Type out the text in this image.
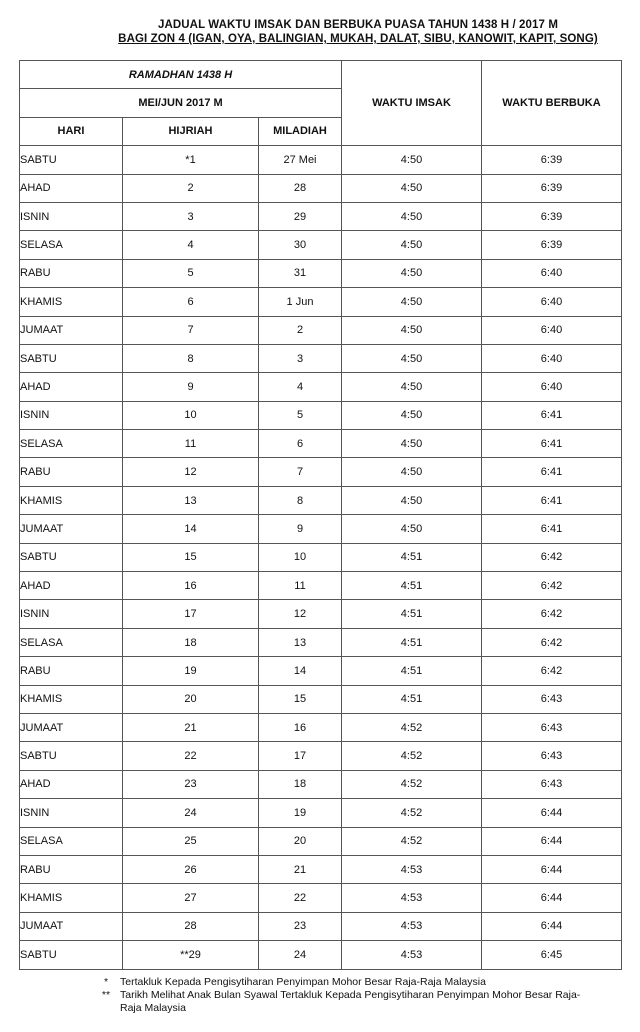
JADUAL WAKTU IMSAK DAN BERBUKA PUASA TAHUN 1438 H / 2017 M
BAGI ZON 4 (IGAN, OYA, BALINGIAN, MUKAH, DALAT, SIBU, KANOWIT, KAPIT, SONG)
RAMADHAN 1438 H			WAKTU IMSAK	WAKTU BERBUKA
MEI/JUN 2017 M				
HARI	HIJRIAH	MILADIAH		
SABTU	*1	27 Mei	4:50	6:39
AHAD	2	28	4:50	6:39
ISNIN	3	29	4:50	6:39
SELASA	4	30	4:50	6:39
RABU	5	31	4:50	6:40
KHAMIS	6	1 Jun	4:50	6:40
JUMAAT	7	2	4:50	6:40
SABTU	8	3	4:50	6:40
AHAD	9	4	4:50	6:40
ISNIN	10	5	4:50	6:41
SELASA	11	6	4:50	6:41
RABU	12	7	4:50	6:41
KHAMIS	13	8	4:50	6:41
JUMAAT	14	9	4:50	6:41
SABTU	15	10	4:51	6:42
AHAD	16	11	4:51	6:42
ISNIN	17	12	4:51	6:42
SELASA	18	13	4:51	6:42
RABU	19	14	4:51	6:42
KHAMIS	20	15	4:51	6:43
JUMAAT	21	16	4:52	6:43
SABTU	22	17	4:52	6:43
AHAD	23	18	4:52	6:43
ISNIN	24	19	4:52	6:44
SELASA	25	20	4:52	6:44
RABU	26	21	4:53	6:44
KHAMIS	27	22	4:53	6:44
JUMAAT	28	23	4:53	6:44
SABTU	**29	24	4:53	6:45
*	Tertakluk Kepada Pengisytiharan Penyimpan Mohor Besar Raja-Raja Malaysia
** Tarikh Melihat Anak Bulan Syawal Tertakluk Kepada Pengisytiharan Penyimpan Mohor Besar Raja-Raja Malaysia
